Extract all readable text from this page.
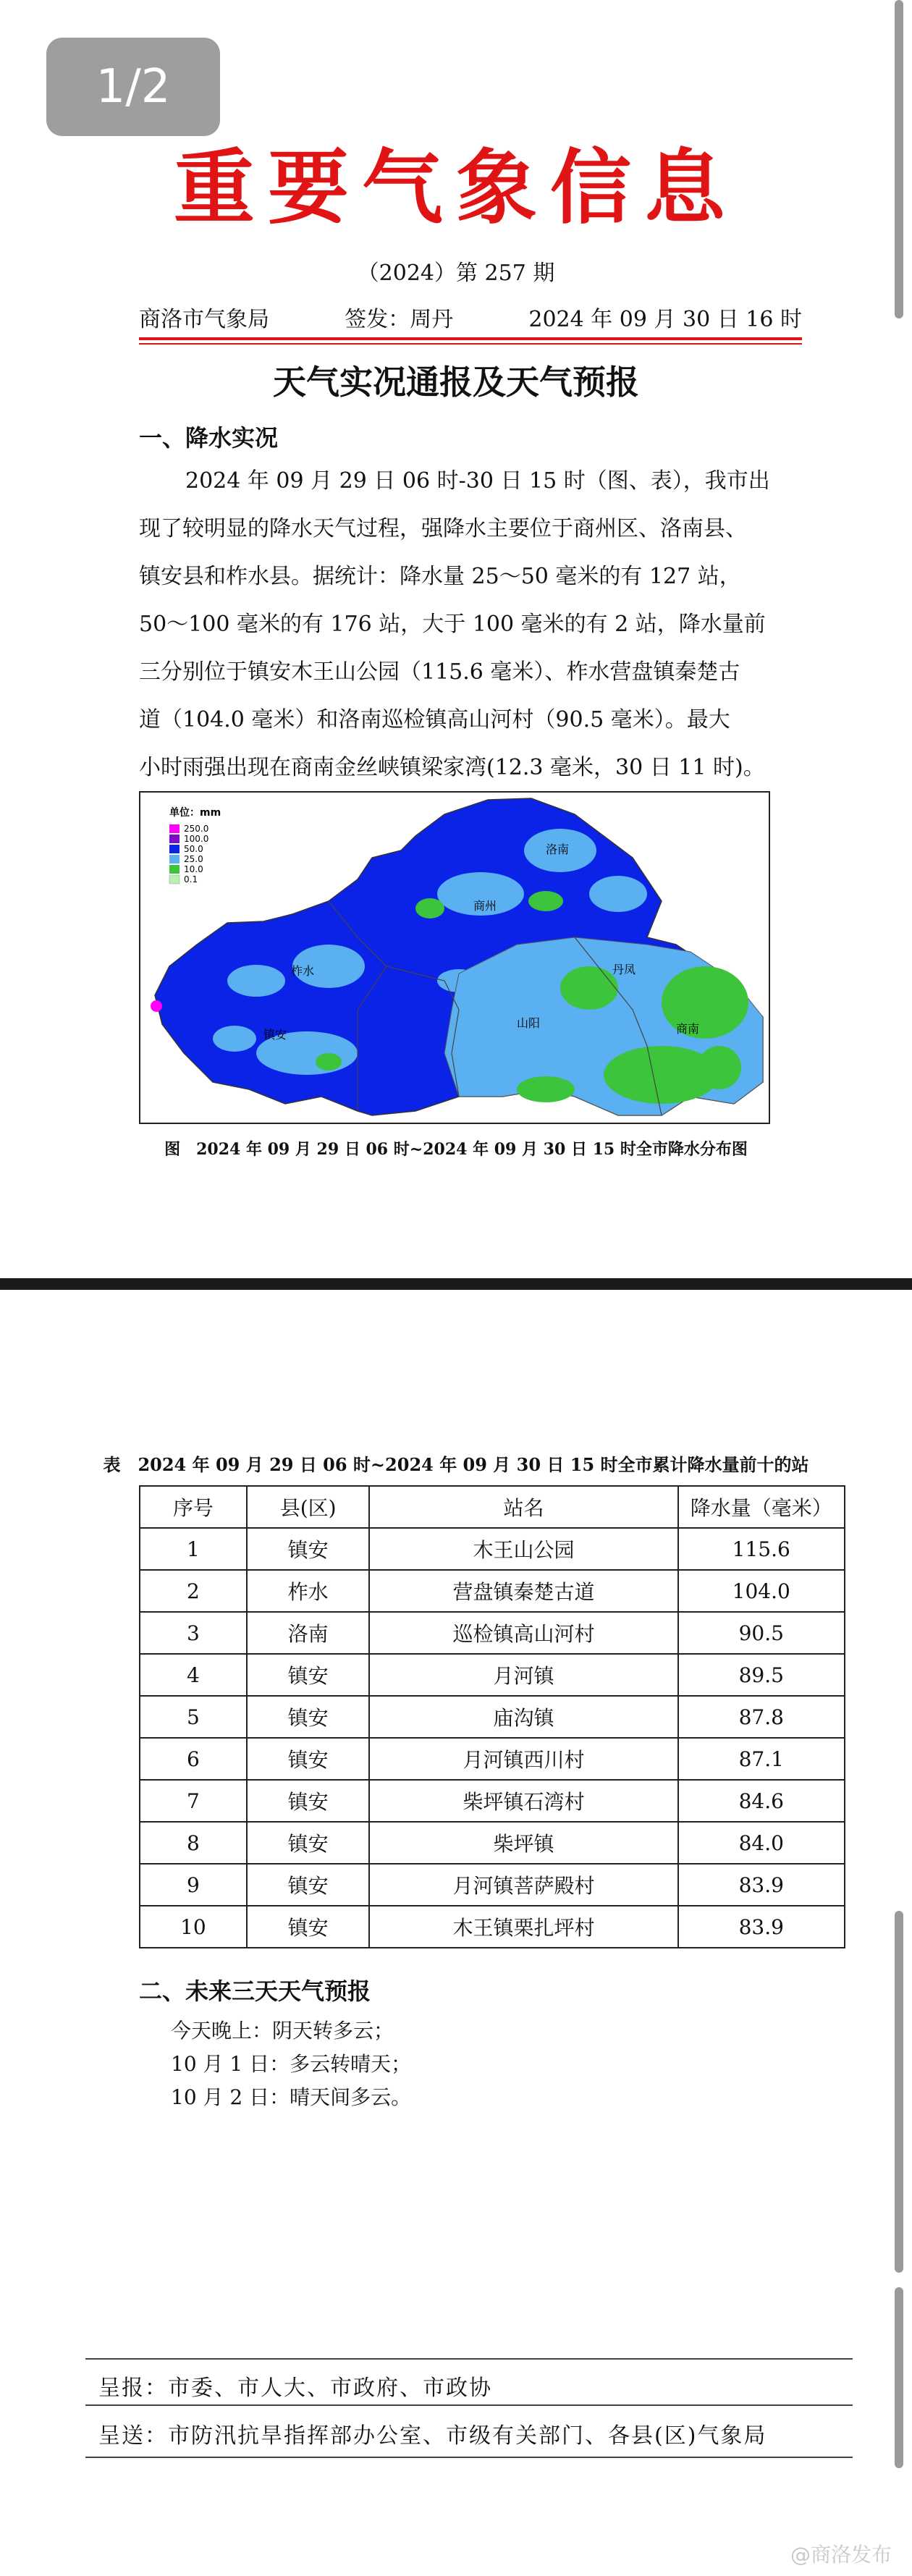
1/2
重要气象信息
（2024）第 257 期
商洛市气象局	签发：周丹	2024 年 09 月 30 日 16 时
天气实况通报及天气预报
一、降水实况
2024 年 09 月 29 日 06 时-30 日 15 时（图、表），我市出
现了较明显的降水天气过程，强降水主要位于商州区、洛南县、
镇安县和柞水县。据统计：降水量 25～50 毫米的有 127 站，
50～100 毫米的有 176 站，大于 100 毫米的有 2 站，降水量前
三分别位于镇安木王山公园（115.6 毫米）、柞水营盘镇秦楚古
道（104.0 毫米）和洛南巡检镇高山河村（90.5 毫米）。最大
小时雨强出现在商南金丝峡镇梁家湾(12.3 毫米，30 日 11 时)。
单位：mm
250.0
100.0
50.0
25.0
10.0
0.1
柞水
镇安
山阳
丹凤
商南
洛南
商州
图　2024 年 09 月 29 日 06 时~2024 年 09 月 30 日 15 时全市降水分布图
表　2024 年 09 月 29 日 06 时~2024 年 09 月 30 日 15 时全市累计降水量前十的站
序号	县(区)	站名	降水量（毫米）
1	镇安	木王山公园	115.6
2	柞水	营盘镇秦楚古道	104.0
3	洛南	巡检镇高山河村	90.5
4	镇安	月河镇	89.5
5	镇安	庙沟镇	87.8
6	镇安	月河镇西川村	87.1
7	镇安	柴坪镇石湾村	84.6
8	镇安	柴坪镇	84.0
9	镇安	月河镇菩萨殿村	83.9
10	镇安	木王镇栗扎坪村	83.9
二、未来三天天气预报
今天晚上：阴天转多云；
10 月 1 日：多云转晴天；
10 月 2 日：晴天间多云。
呈报：市委、市人大、市政府、市政协
呈送：市防汛抗旱指挥部办公室、市级有关部门、各县(区)气象局
@商洛发布
